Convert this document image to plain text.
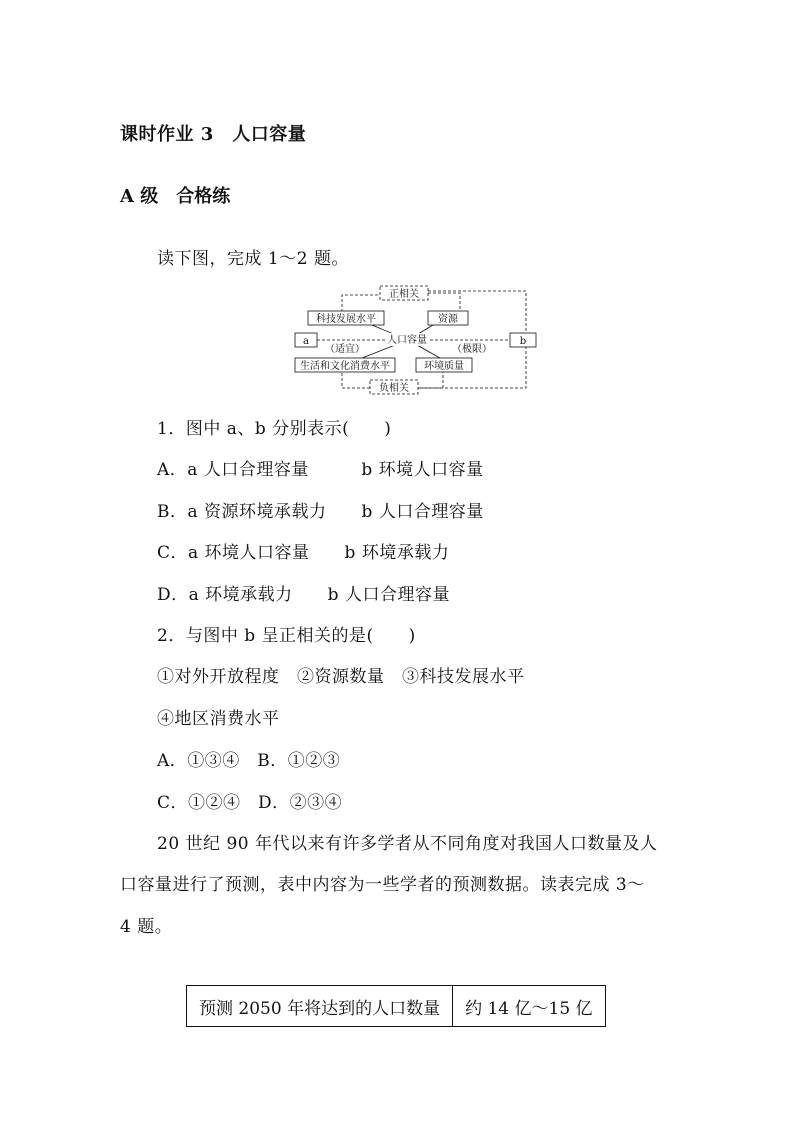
课时作业 3　人口容量
A 级　合格练
读下图，完成 1～2 题。
正相关
负相关
科技发展水平	资源
a	b
人口容量
（适宜）	（极限）
生活和文化消费水平	环境质量
1．图中 a、b 分别表示(　　)
A．a 人口合理容量　　　b 环境人口容量
B．a 资源环境承载力　　b 人口合理容量
C．a 环境人口容量　　b 环境承载力
D．a 环境承载力　　b 人口合理容量
2．与图中 b 呈正相关的是(　　)
①对外开放程度　②资源数量　③科技发展水平
④地区消费水平
A．①③④　B．①②③
C．①②④　D．②③④
20 世纪 90 年代以来有许多学者从不同角度对我国人口数量及人
口容量进行了预测，表中内容为一些学者的预测数据。读表完成 3～
4 题。
预测 2050 年将达到的人口数量	约 14 亿～15 亿
